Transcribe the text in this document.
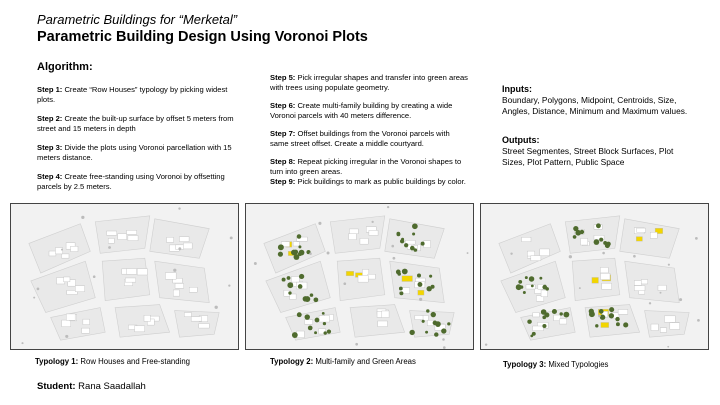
Parametric Buildings for “Merketal”
Parametric Building Design Using Voronoi Plots
Algorithm:
Step 1: Create “Row Houses” typology by picking widest plots.
Step 2: Create the built-up surface by offset 5 meters from street and 15 meters in depth
Step 3: Divide the plots using Voronoi parcellation with 15 meters distance.
Step 4: Create free-standing using Voronoi by offsetting parcels by 2.5 meters.
Step 5: Pick irregular shapes and transfer into green areas with trees using populate geometry.
Step 6: Create multi-family building by creating a wide Voronoi parcels with 40 meters difference.
Step 7: Offset buildings from the Voronoi parcels with same street offset. Create a middle courtyard.
Step 8: Repeat picking irregular in the Voronoi shapes to turn into green areas.
Step 9: Pick buildings to mark as public buildings by color.
Inputs:
Boundary, Polygons, Midpoint, Centroids, Size, Angles, Distance, Minimum and Maximum values.
Outputs:
Street Segmentes, Street Block Surfaces, Plot Sizes, Plot Pattern, Public Space
Typology 1: Row Houses and Free-standing	Typology 2: Multi-family and Green Areas	Typology 3: Mixed Typologies
Student: Rana Saadallah
